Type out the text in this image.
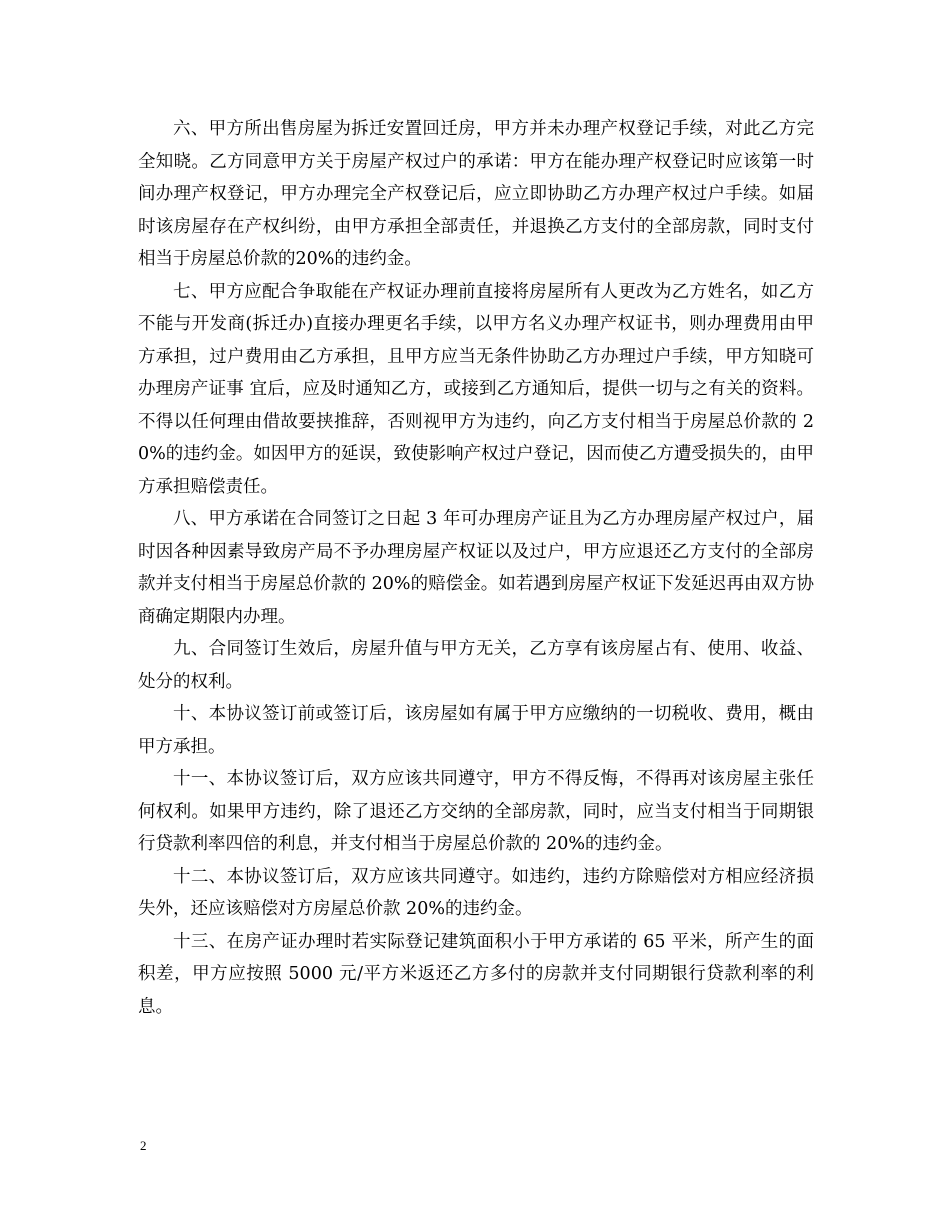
六、甲方所出售房屋为拆迁安置回迁房，甲方并未办理产权登记手续，对此乙方完全知晓。乙方同意甲方关于房屋产权过户的承诺：甲方在能办理产权登记时应该第一时间办理产权登记，甲方办理完全产权登记后，应立即协助乙方办理产权过户手续。如届时该房屋存在产权纠纷，由甲方承担全部责任，并退换乙方支付的全部房款，同时支付相当于房屋总价款的20%的违约金。

七、甲方应配合争取能在产权证办理前直接将房屋所有人更改为乙方姓名，如乙方不能与开发商(拆迁办)直接办理更名手续，以甲方名义办理产权证书，则办理费用由甲方承担，过户费用由乙方承担，且甲方应当无条件协助乙方办理过户手续，甲方知晓可办理房产证事 宜后，应及时通知乙方，或接到乙方通知后，提供一切与之有关的资料。不得以任何理由借故要挟推辞，否则视甲方为违约，向乙方支付相当于房屋总价款的 20%的违约金。如因甲方的延误，致使影响产权过户登记，因而使乙方遭受损失的，由甲方承担赔偿责任。

八、甲方承诺在合同签订之日起 3 年可办理房产证且为乙方办理房屋产权过户，届时因各种因素导致房产局不予办理房屋产权证以及过户，甲方应退还乙方支付的全部房款并支付相当于房屋总价款的 20%的赔偿金。如若遇到房屋产权证下发延迟再由双方协商确定期限内办理。

九、合同签订生效后，房屋升值与甲方无关，乙方享有该房屋占有、使用、收益、处分的权利。

十、本协议签订前或签订后，该房屋如有属于甲方应缴纳的一切税收、费用，概由甲方承担。

十一、本协议签订后，双方应该共同遵守，甲方不得反悔，不得再对该房屋主张任何权利。如果甲方违约，除了退还乙方交纳的全部房款，同时，应当支付相当于同期银行贷款利率四倍的利息，并支付相当于房屋总价款的 20%的违约金。

十二、本协议签订后，双方应该共同遵守。如违约，违约方除赔偿对方相应经济损失外，还应该赔偿对方房屋总价款 20%的违约金。

十三、在房产证办理时若实际登记建筑面积小于甲方承诺的 65 平米，所产生的面积差，甲方应按照 5000 元/平方米返还乙方多付的房款并支付同期银行贷款利率的利息。

2
